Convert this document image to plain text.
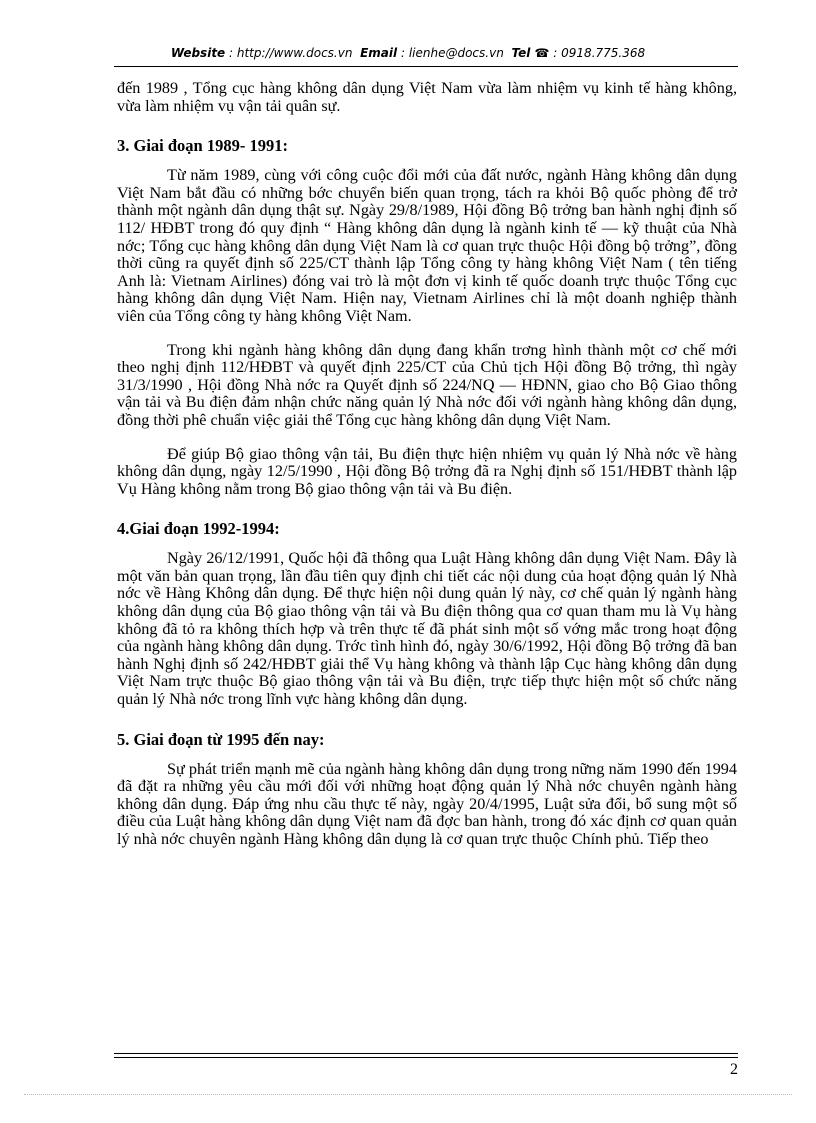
Website : http://www.docs.vn Email : lienhe@docs.vn Tel ☎ : 0918.775.368

đến 1989 , Tổng cục hàng không dân dụng Việt Nam vừa làm nhiệm vụ kinh tế hàng không, vừa làm nhiệm vụ vận tải quân sự.

3. Giai đoạn 1989- 1991:

Từ năm 1989, cùng với công cuộc đổi mới của đất nước, ngành Hàng không dân dụng Việt Nam bắt đầu có những bớc chuyển biến quan trọng, tách ra khỏi Bộ quốc phòng để trở thành một ngành dân dụng thật sự. Ngày 29/8/1989, Hội đồng Bộ trởng ban hành nghị định số 112/ HĐBT trong đó quy định “ Hàng không dân dụng là ngành kinh tế — kỹ thuật của Nhà nớc; Tổng cục hàng không dân dụng Việt Nam là cơ quan trực thuộc Hội đồng bộ trởng”, đồng thời cũng ra quyết định số 225/CT thành lập Tổng công ty hàng không Việt Nam ( tên tiếng Anh là: Vietnam Airlines) đóng vai trò là một đơn vị kinh tế quốc doanh trực thuộc Tổng cục hàng không dân dụng Việt Nam. Hiện nay, Vietnam Airlines chỉ là một doanh nghiệp thành viên của Tổng công ty hàng không Việt Nam.

Trong khi ngành hàng không dân dụng đang khẩn trơng hình thành một cơ chế mới theo nghị định 112/HĐBT và quyết định 225/CT của Chủ tịch Hội đồng Bộ trởng, thì ngày 31/3/1990 , Hội đồng Nhà nớc ra Quyết định số 224/NQ — HĐNN, giao cho Bộ Giao thông vận tải và Bu điện đảm nhận chức năng quản lý Nhà nớc đối với ngành hàng không dân dụng, đồng thời phê chuẩn việc giải thể Tổng cục hàng không dân dụng Việt Nam.

Để giúp Bộ giao thông vận tải, Bu điện thực hiện nhiệm vụ quản lý Nhà nớc về hàng không dân dụng, ngày 12/5/1990 , Hội đồng Bộ trởng đã ra Nghị định số 151/HĐBT thành lập Vụ Hàng không nằm trong Bộ giao thông vận tải và Bu điện.

4.Giai đoạn 1992-1994:

Ngày 26/12/1991, Quốc hội đã thông qua Luật Hàng không dân dụng Việt Nam. Đây là một văn bản quan trọng, lần đầu tiên quy định chi tiết các nội dung của hoạt động quản lý Nhà nớc về Hàng Không dân dụng. Để thực hiện nội dung quản lý này, cơ chế quản lý ngành hàng không dân dụng của Bộ giao thông vận tải và Bu điện thông qua cơ quan tham mu là Vụ hàng không đã tỏ ra không thích hợp và trên thực tế đã phát sinh một số vớng mắc trong hoạt động của ngành hàng không dân dụng. Trớc tình hình đó, ngày 30/6/1992, Hội đồng Bộ trởng đã ban hành Nghị định số 242/HĐBT giải thể Vụ hàng không và thành lập Cục hàng không dân dụng Việt Nam trực thuộc Bộ giao thông vận tải và Bu điện, trực tiếp thực hiện một số chức năng quản lý Nhà nớc trong lĩnh vực hàng không dân dụng.

5. Giai đoạn từ 1995 đến nay:

Sự phát triển mạnh mẽ của ngành hàng không dân dụng trong nững năm 1990 đến 1994 đã đặt ra những yêu cầu mới đối với những hoạt động quản lý Nhà nớc chuyên ngành hàng không dân dụng. Đáp ứng nhu cầu thực tế này, ngày 20/4/1995, Luật sửa đổi, bổ sung một số điều của Luật hàng không dân dụng Việt nam đã đợc ban hành, trong đó xác định cơ quan quản lý nhà nớc chuyên ngành Hàng không dân dụng là cơ quan trực thuộc Chính phủ. Tiếp theo

2
